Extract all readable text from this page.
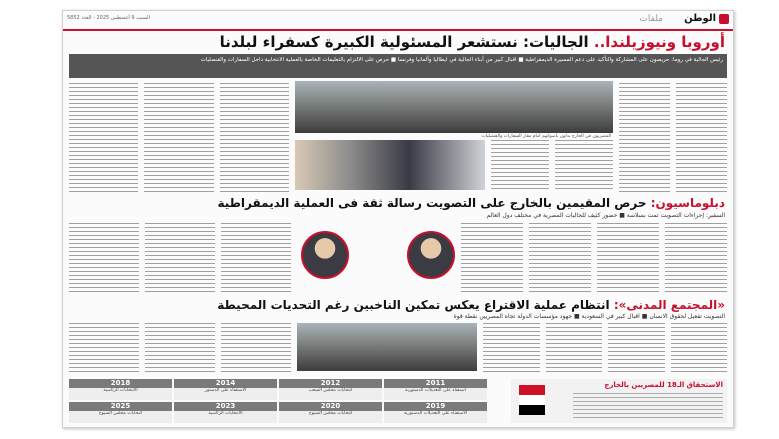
الوطن
ملفات
السبت 9 أغسطس 2025 - العدد 5852
أوروبا ونيوزيلندا.. الجاليات: نستشعر المسئولية الكبيرة كسفراء لبلدنا
رئيس الجالية في روما: حريصون على المشاركة والتأكيد على دعم المسيرة الديمقراطية ■ اقبال كبير من أبناء الجالية في ايطاليا وألمانيا وفرنسا ■ حرص على الالتزام بالتعليمات الخاصة بالعملية الانتخابية داخل السفارات والقنصليات
المصريون في الخارج يدلون بأصواتهم أمام مقار السفارات والقنصليات
دبلوماسيون: حرص المقيمين بالخارج على التصويت رسالة ثقة فى العملية الديمقراطية
السفير: إجراءات التصويت تمت بسلاسة ■ حضور كثيف للجاليات المصرية في مختلف دول العالم
«المجتمع المدنى»: انتظام عملية الاقتراع يعكس تمكين الناخبين رغم التحديات المحيطة
التصويت تفعيل لحقوق الانسان ■ اقبال كبير في السعودية ■ جهود مؤسسات الدولة تجاه المصريين نقطة قوة
2011
استفتاء على التعديلات الدستورية
2012
انتخابات مجلس الشعب
2014
الاستفتاء على الدستور
2018
الانتخابات الرئاسية
2019
الاستفتاء على التعديلات الدستورية
2020
انتخابات مجلس الشيوخ
2023
الانتخابات الرئاسية
2025
انتخابات مجلس الشيوخ
الاستحقاق الـ18 للمصريين بالخارج
